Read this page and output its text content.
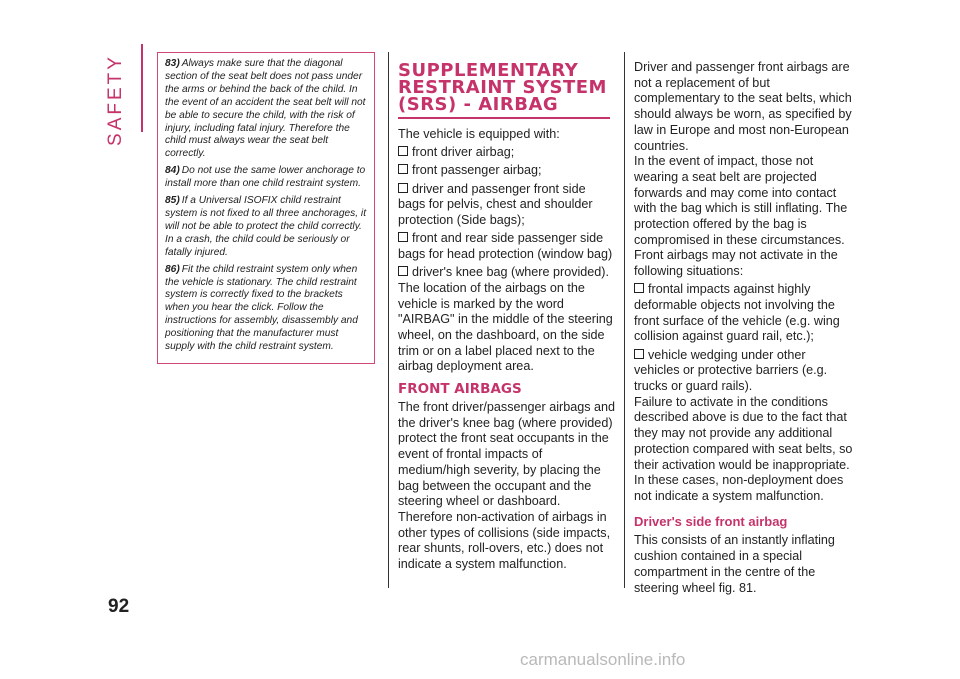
SAFETY
92

83) Always make sure that the diagonal section of the seat belt does not pass under the arms or behind the back of the child. In the event of an accident the seat belt will not be able to secure the child, with the risk of injury, including fatal injury. Therefore the child must always wear the seat belt correctly.

84) Do not use the same lower anchorage to install more than one child restraint system.

85) If a Universal ISOFIX child restraint system is not fixed to all three anchorages, it will not be able to protect the child correctly. In a crash, the child could be seriously or fatally injured.

86) Fit the child restraint system only when the vehicle is stationary. The child restraint system is correctly fixed to the brackets when you hear the click. Follow the instructions for assembly, disassembly and positioning that the manufacturer must supply with the child restraint system.

SUPPLEMENTARY RESTRAINT SYSTEM (SRS) - AIRBAG

The vehicle is equipped with:

front driver airbag;

front passenger airbag;

driver and passenger front side bags for pelvis, chest and shoulder protection (Side bags);

front and rear side passenger side bags for head protection (window bag)

driver's knee bag (where provided).

The location of the airbags on the vehicle is marked by the word "AIRBAG" in the middle of the steering wheel, on the dashboard, on the side trim or on a label placed next to the airbag deployment area.

FRONT AIRBAGS

The front driver/passenger airbags and the driver's knee bag (where provided) protect the front seat occupants in the event of frontal impacts of medium/high severity, by placing the bag between the occupant and the steering wheel or dashboard.

Therefore non-activation of airbags in other types of collisions (side impacts, rear shunts, roll-overs, etc.) does not indicate a system malfunction.

Driver and passenger front airbags are not a replacement of but complementary to the seat belts, which should always be worn, as specified by law in Europe and most non-European countries.

In the event of impact, those not wearing a seat belt are projected forwards and may come into contact with the bag which is still inflating. The protection offered by the bag is compromised in these circumstances.

Front airbags may not activate in the following situations:

frontal impacts against highly deformable objects not involving the front surface of the vehicle (e.g. wing collision against guard rail, etc.);

vehicle wedging under other vehicles or protective barriers (e.g. trucks or guard rails).

Failure to activate in the conditions described above is due to the fact that they may not provide any additional protection compared with seat belts, so their activation would be inappropriate. In these cases, non-deployment does not indicate a system malfunction.

Driver's side front airbag

This consists of an instantly inflating cushion contained in a special compartment in the centre of the steering wheel fig. 81.

carmanualsonline.info
